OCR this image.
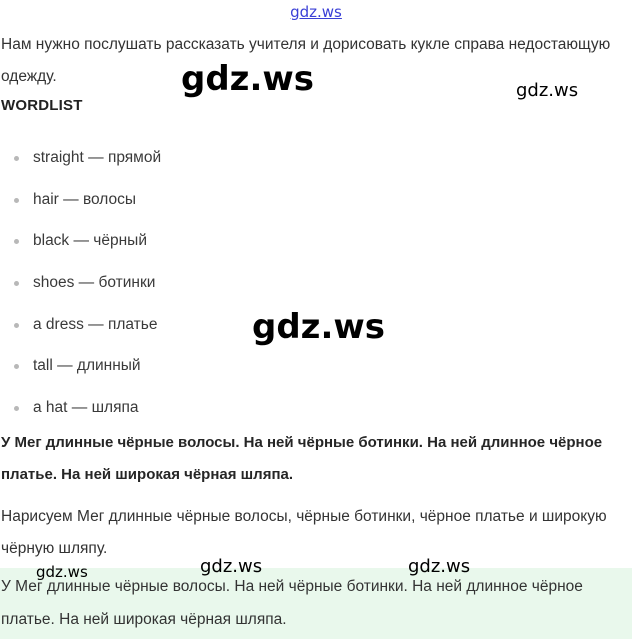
gdz.ws
Нам нужно послушать рассказать учителя и дорисовать кукле справа недостающую одежду.
WORDLIST
straight — прямой
hair — волосы
black — чёрный
shoes — ботинки
a dress — платье
tall — длинный
a hat — шляпа
У Мег длинные чёрные волосы. На ней чёрные ботинки. На ней длинное чёрное платье. На ней широкая чёрная шляпа.
Нарисуем Мег длинные чёрные волосы, чёрные ботинки, чёрное платье и широкую чёрную шляпу.
У Мег длинные чёрные волосы. На ней чёрные ботинки. На ней длинное чёрное платье. На ней широкая чёрная шляпа.
gdz.ws	gdz.ws
gdz.ws
gdz.ws	gdz.ws	gdz.ws
